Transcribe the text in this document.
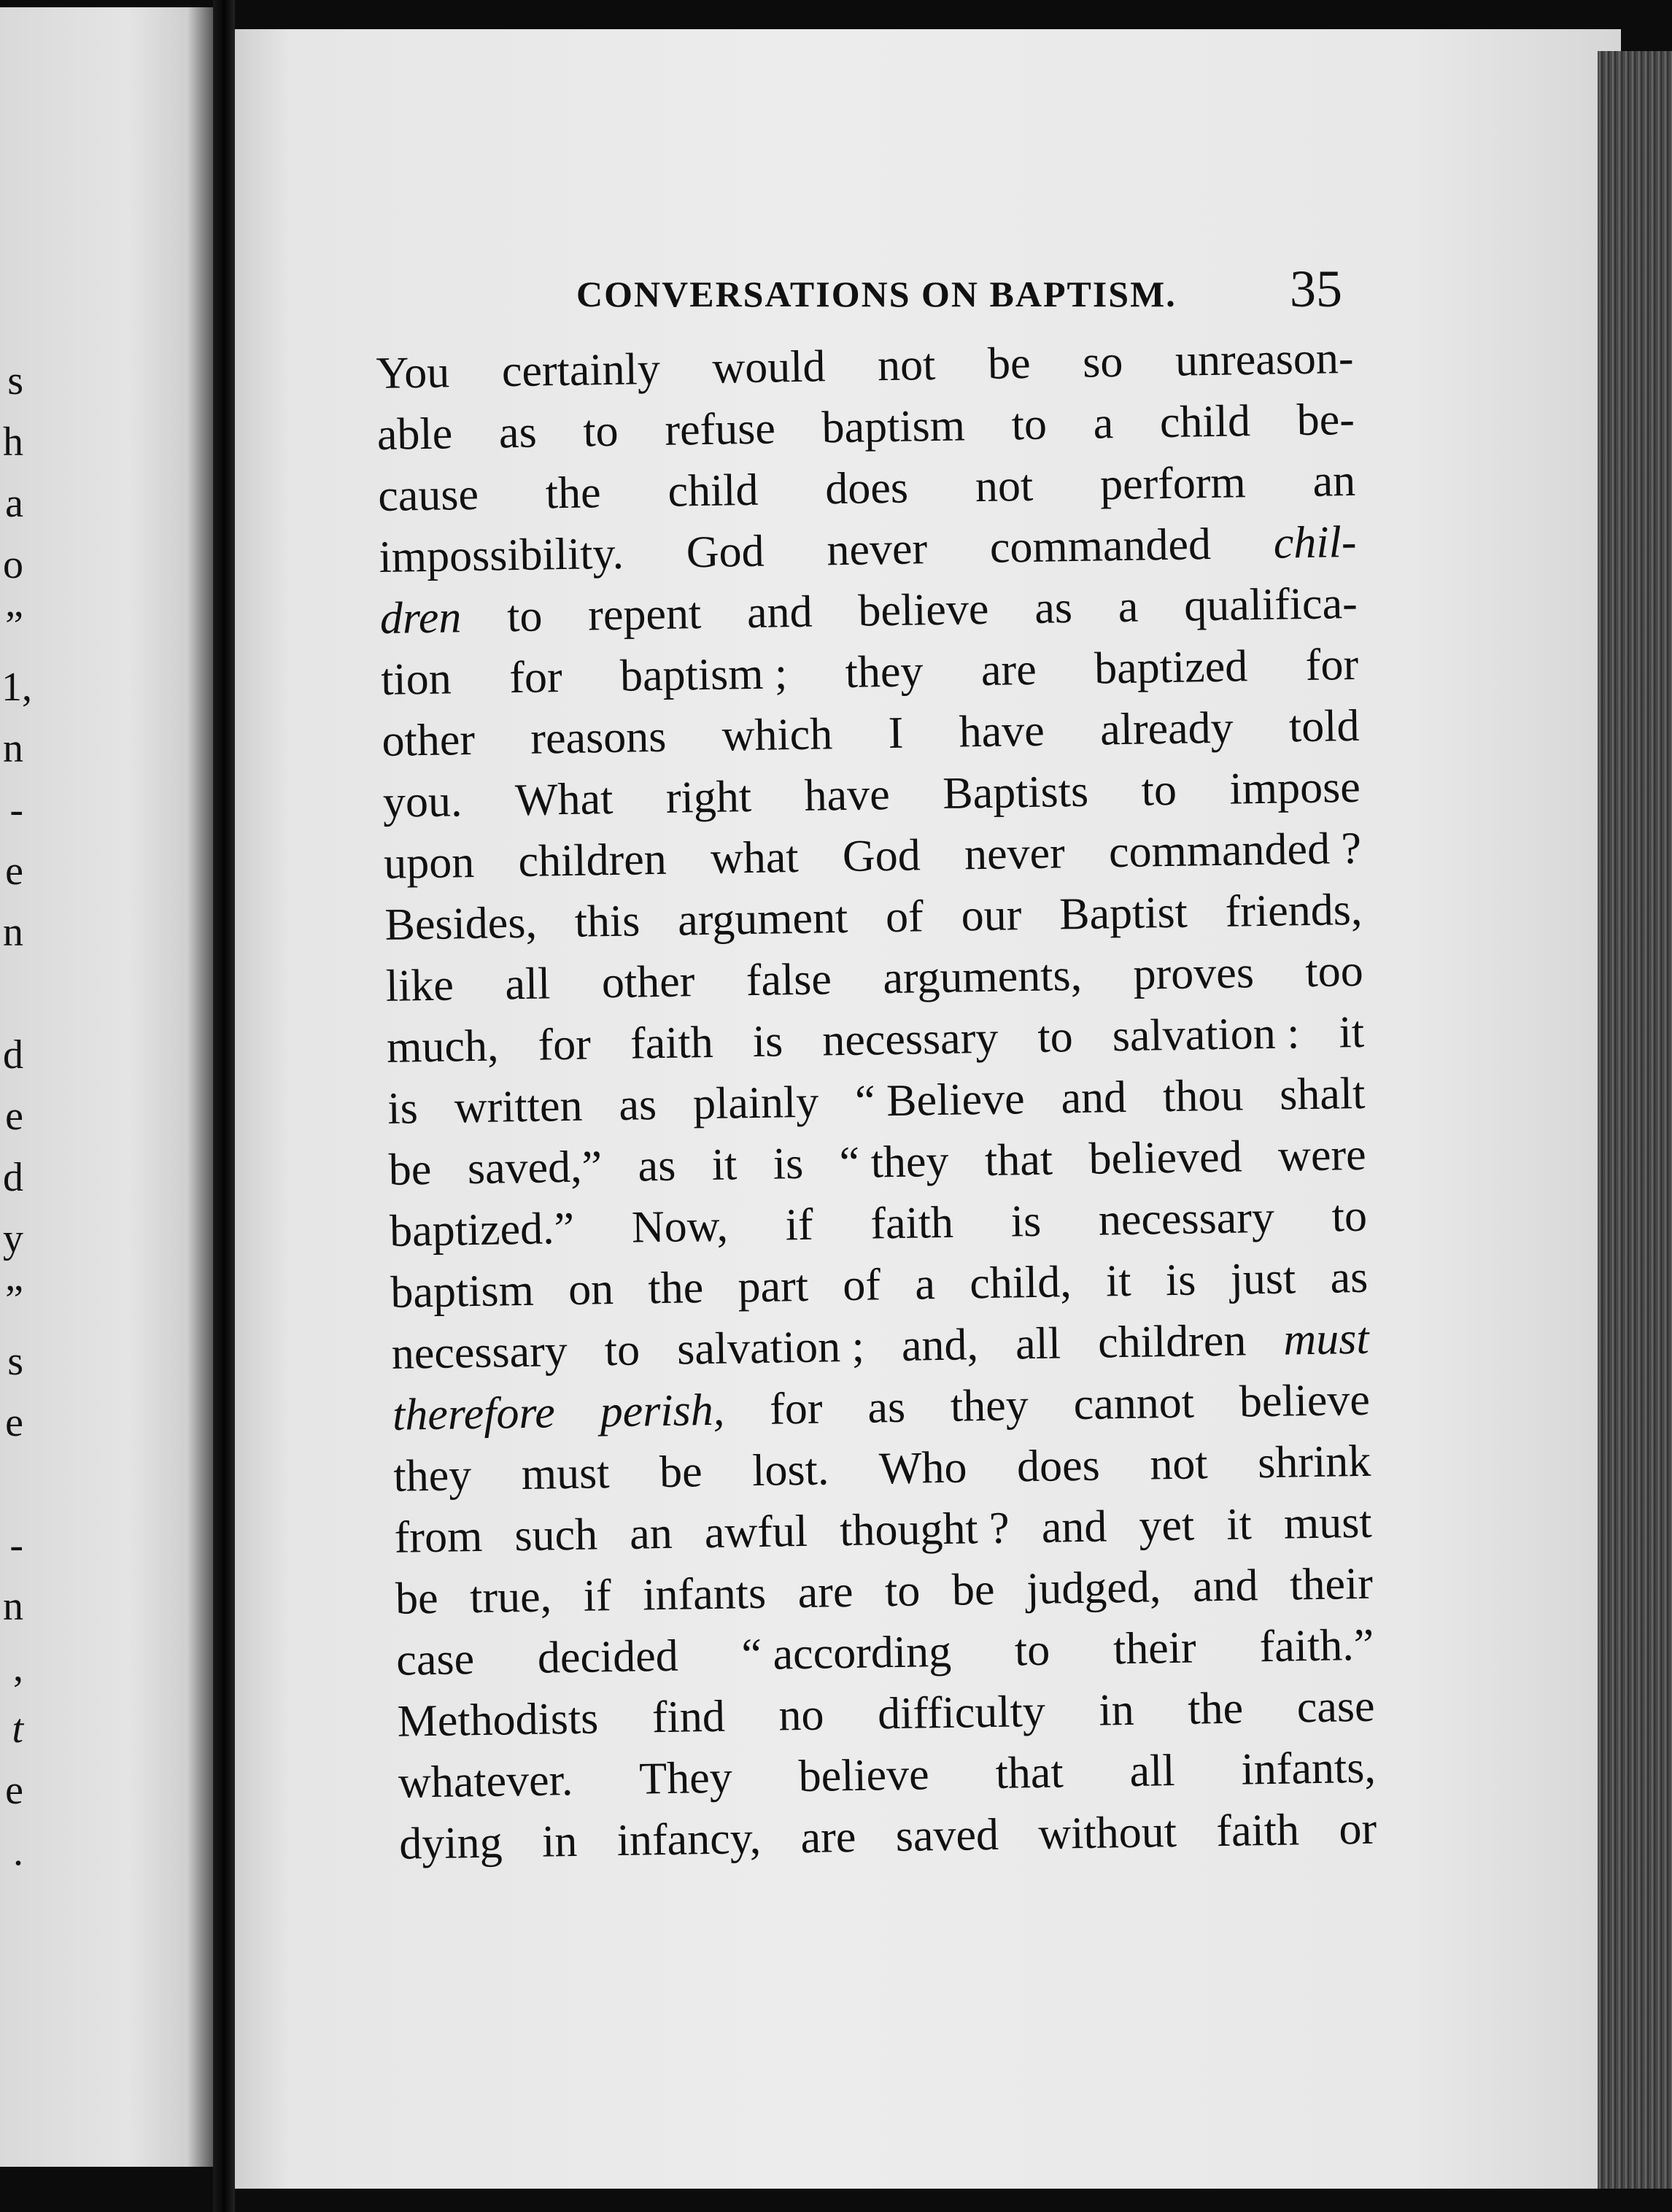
s
h
a
o
”
1,
n
-
e
n
d
e
d
y
”
s
e
-
n
,
t
e
.
CONVERSATIONS ON BAPTISM. 35
You certainly would not be so unreason-
able as to refuse baptism to a child be-
cause the child does not perform an
impossibility. God never commanded chil-
dren to repent and believe as a qualifica-
tion for baptism ; they are baptized for
other reasons which I have already told
you. What right have Baptists to impose
upon children what God never commanded ?
Besides, this argument of our Baptist friends,
like all other false arguments, proves too
much, for faith is necessary to salvation : it
is written as plainly “ Believe and thou shalt
be saved,” as it is “ they that believed were
baptized.” Now, if faith is necessary to
baptism on the part of a child, it is just as
necessary to salvation ; and, all children must
therefore perish, for as they cannot believe
they must be lost. Who does not shrink
from such an awful thought ? and yet it must
be true, if infants are to be judged, and their
case decided “ according to their faith.”
Methodists find no difficulty in the case
whatever. They believe that all infants,
dying in infancy, are saved without faith or
